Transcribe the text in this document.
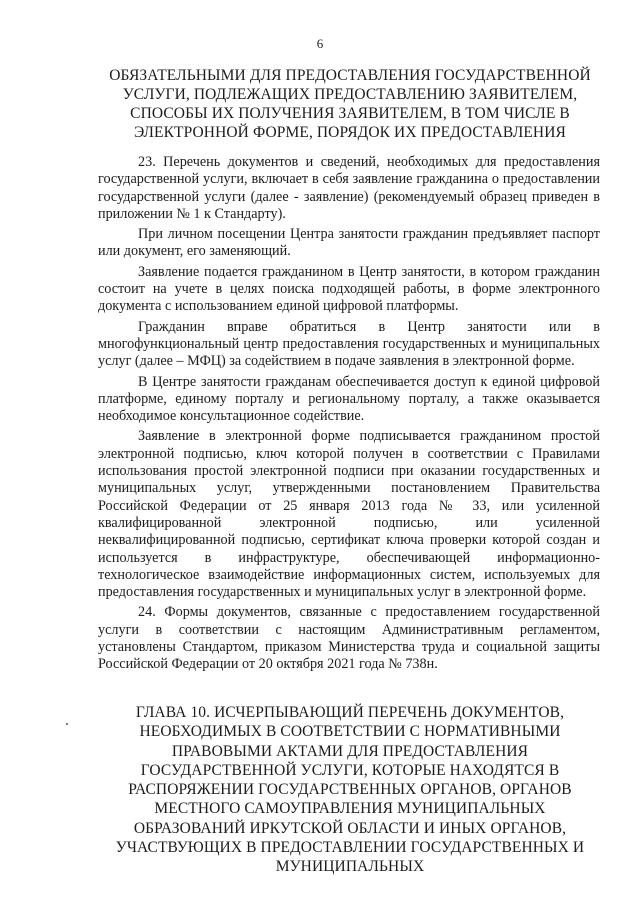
6
ОБЯЗАТЕЛЬНЫМИ ДЛЯ ПРЕДОСТАВЛЕНИЯ ГОСУДАРСТВЕННОЙ УСЛУГИ, ПОДЛЕЖАЩИХ ПРЕДОСТАВЛЕНИЮ ЗАЯВИТЕЛЕМ, СПОСОБЫ ИХ ПОЛУЧЕНИЯ ЗАЯВИТЕЛЕМ, В ТОМ ЧИСЛЕ В ЭЛЕКТРОННОЙ ФОРМЕ, ПОРЯДОК ИХ ПРЕДОСТАВЛЕНИЯ

23. Перечень документов и сведений, необходимых для предоставления государственной услуги, включает в себя заявление гражданина о предоставлении государственной услуги (далее - заявление) (рекомендуемый образец приведен в приложении № 1 к Стандарту).

При личном посещении Центра занятости гражданин предъявляет паспорт или документ, его заменяющий.

Заявление подается гражданином в Центр занятости, в котором гражданин состоит на учете в целях поиска подходящей работы, в форме электронного документа с использованием единой цифровой платформы.

Гражданин вправе обратиться в Центр занятости или в многофункциональный центр предоставления государственных и муниципальных услуг (далее – МФЦ) за содействием в подаче заявления в электронной форме.

В Центре занятости гражданам обеспечивается доступ к единой цифровой платформе, единому порталу и региональному порталу, а также оказывается необходимое консультационное содействие.

Заявление в электронной форме подписывается гражданином простой электронной подписью, ключ которой получен в соответствии с Правилами использования простой электронной подписи при оказании государственных и муниципальных услуг, утвержденными постановлением Правительства Российской Федерации от 25 января 2013 года № 33, или усиленной квалифицированной электронной подписью, или усиленной неквалифицированной подписью, сертификат ключа проверки которой создан и используется в инфраструктуре, обеспечивающей информационно-технологическое взаимодействие информационных систем, используемых для предоставления государственных и муниципальных услуг в электронной форме.

24. Формы документов, связанные с предоставлением государственной услуги в соответствии с настоящим Административным регламентом, установлены Стандартом, приказом Министерства труда и социальной защиты Российской Федерации от 20 октября 2021 года № 738н.

ГЛАВА 10. ИСЧЕРПЫВАЮЩИЙ ПЕРЕЧЕНЬ ДОКУМЕНТОВ, НЕОБХОДИМЫХ В СООТВЕТСТВИИ С НОРМАТИВНЫМИ ПРАВОВЫМИ АКТАМИ ДЛЯ ПРЕДОСТАВЛЕНИЯ ГОСУДАРСТВЕННОЙ УСЛУГИ, КОТОРЫЕ НАХОДЯТСЯ В РАСПОРЯЖЕНИИ ГОСУДАРСТВЕННЫХ ОРГАНОВ, ОРГАНОВ МЕСТНОГО САМОУПРАВЛЕНИЯ МУНИЦИПАЛЬНЫХ ОБРАЗОВАНИЙ ИРКУТСКОЙ ОБЛАСТИ И ИНЫХ ОРГАНОВ, УЧАСТВУЮЩИХ В ПРЕДОСТАВЛЕНИИ ГОСУДАРСТВЕННЫХ И МУНИЦИПАЛЬНЫХ
